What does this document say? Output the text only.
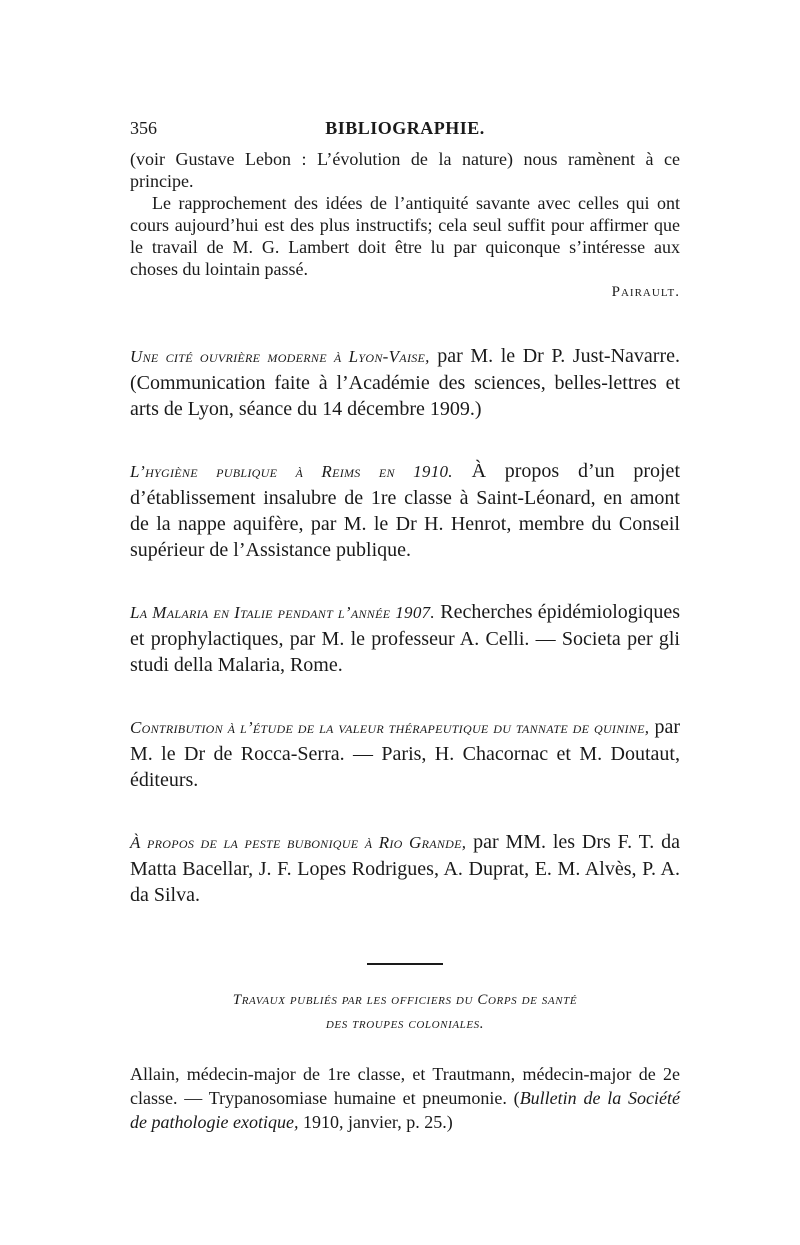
356	BIBLIOGRAPHIE.

(voir Gustave Lebon : L’évolution de la nature) nous ramènent à ce principe.

Le rapprochement des idées de l’antiquité savante avec celles qui ont cours aujourd’hui est des plus instructifs; cela seul suffit pour affirmer que le travail de M. G. Lambert doit être lu par quiconque s’intéresse aux choses du lointain passé.

Pairault.

Une cité ouvrière moderne à Lyon-Vaise, par M. le Dr P. Just-Navarre. (Communication faite à l’Académie des sciences, belles-lettres et arts de Lyon, séance du 14 décembre 1909.)

L’hygiène publique à Reims en 1910. À propos d’un projet d’établissement insalubre de 1re classe à Saint-Léonard, en amont de la nappe aquifère, par M. le Dr H. Henrot, membre du Conseil supérieur de l’Assistance publique.

La Malaria en Italie pendant l’année 1907. Recherches épidémiologiques et prophylactiques, par M. le professeur A. Celli. — Societa per gli studi della Malaria, Rome.

Contribution à l’étude de la valeur thérapeutique du tannate de quinine, par M. le Dr de Rocca-Serra. — Paris, H. Chacornac et M. Doutaut, éditeurs.

À propos de la peste bubonique à Rio Grande, par MM. les Drs F. T. da Matta Bacellar, J. F. Lopes Rodrigues, A. Duprat, E. M. Alvès, P. A. da Silva.

Travaux publiés par les officiers du Corps de santé
des troupes coloniales.

Allain, médecin-major de 1re classe, et Trautmann, médecin-major de 2e classe. — Trypanosomiase humaine et pneumonie. (Bulletin de la Société de pathologie exotique, 1910, janvier, p. 25.)
